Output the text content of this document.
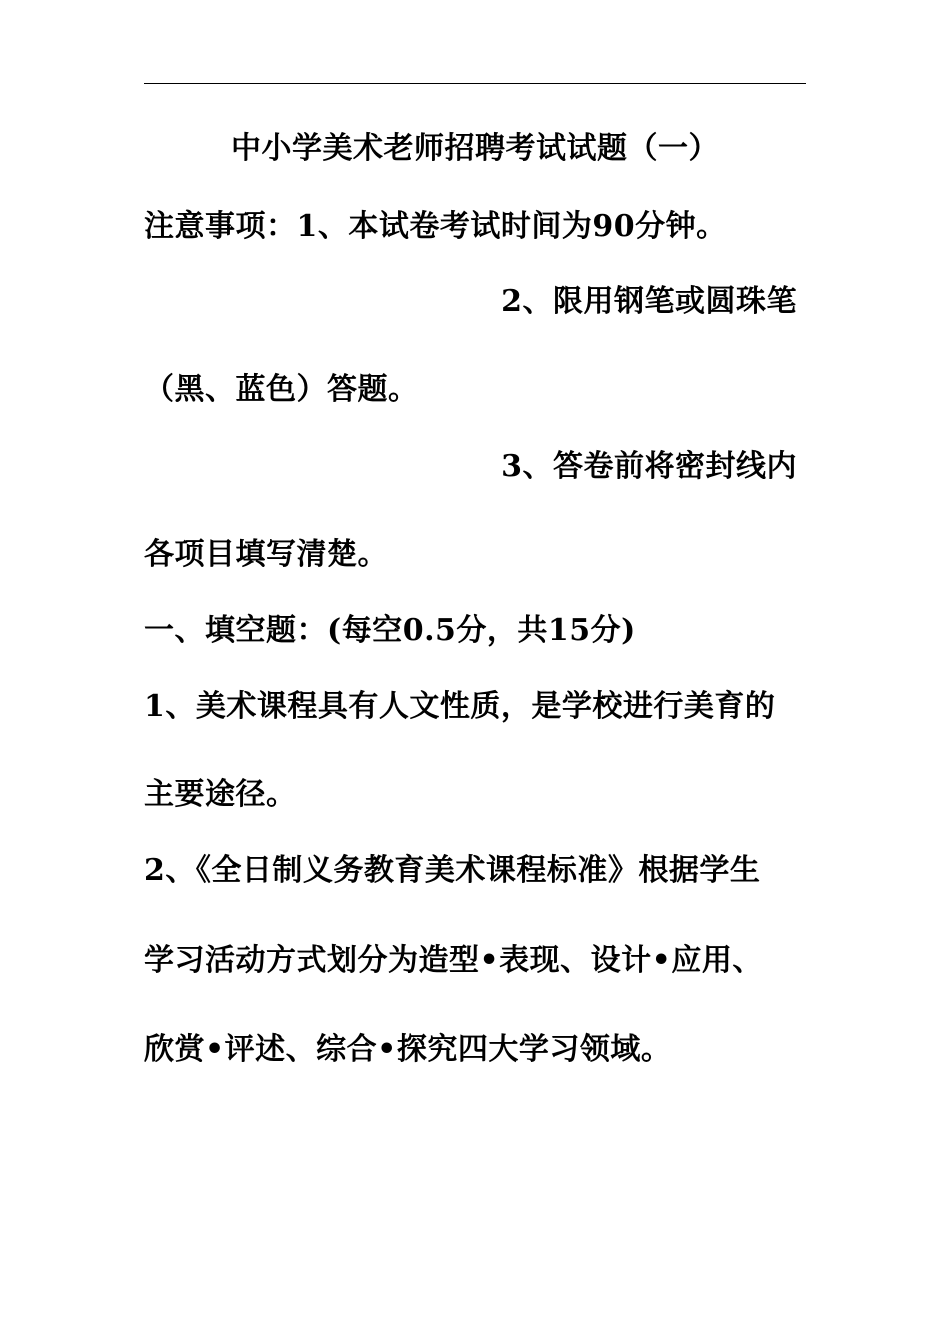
中小学美术老师招聘考试试题（一）
注意事项：1、本试卷考试时间为90分钟。
2、限用钢笔或圆珠笔
（黑、蓝色）答题。
3、答卷前将密封线内
各项目填写清楚。
一、填空题：(每空0.5分，共15分)
1、美术课程具有人文性质，是学校进行美育的
主要途径。
2、《全日制义务教育美术课程标准》根据学生
学习活动方式划分为造型•表现、设计•应用、
欣赏•评述、综合•探究四大学习领域。
